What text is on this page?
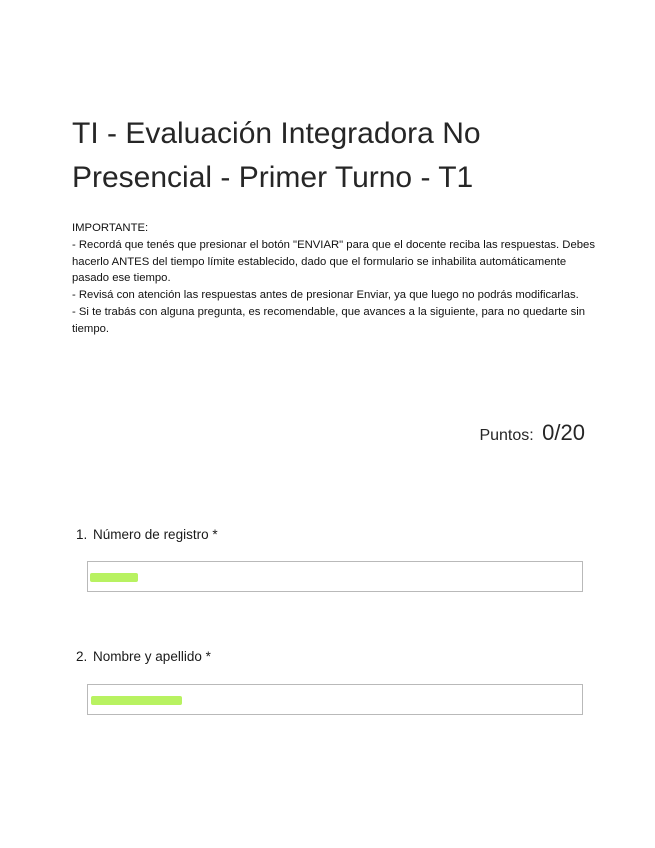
TI - Evaluación Integradora No Presencial - Primer Turno - T1

IMPORTANTE:

- Recordá que tenés que presionar el botón "ENVIAR" para que el docente reciba las respuestas. Debes hacerlo ANTES del tiempo límite establecido, dado que el formulario se inhabilita automáticamente pasado ese tiempo.

- Revisá con atención las respuestas antes de presionar Enviar, ya que luego no podrás modificarlas.

- Si te trabás con alguna pregunta, es recomendable, que avances a la siguiente, para no quedarte sin tiempo.

Puntos: 0/20
1. Número de registro *
2. Nombre y apellido *
